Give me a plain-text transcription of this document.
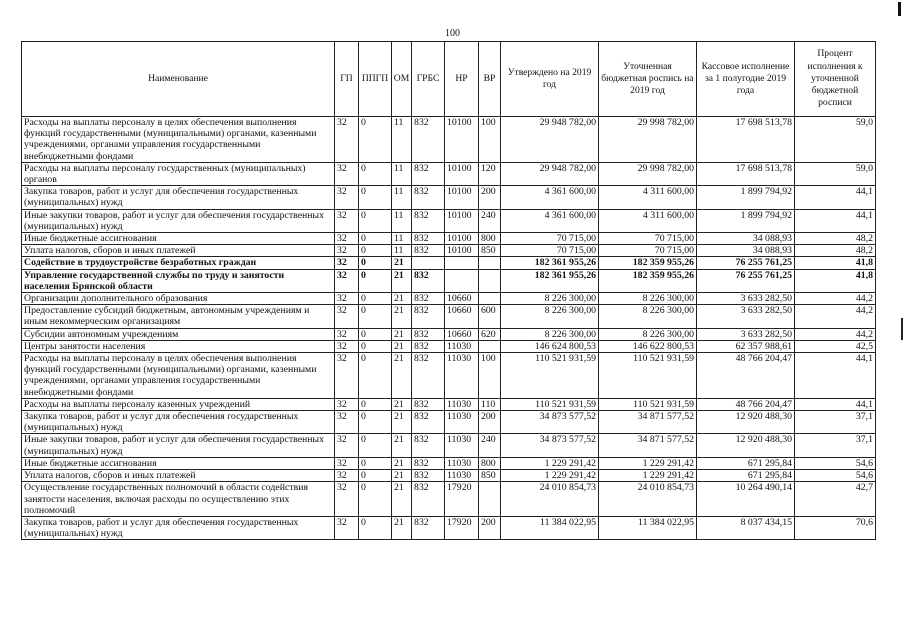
100
Наименование	ГП	ППГП	ОМ	ГРБС	НР	ВР	Утверждено на 2019 год	Уточненная бюджетная роспись на 2019 год	Кассовое исполнение за 1 полугодие 2019 года	Процент исполнения к уточненной бюджетной росписи
Расходы на выплаты персоналу в целях обеспечения выполнения функций государственными (муниципальными) органами, казенными учреждениями, органами управления государственными внебюджетными фондами	32	0	11	832	10100	100	29 948 782,00	29 998 782,00	17 698 513,78	59,0
Расходы на выплаты персоналу государственных (муниципальных) органов	32	0	11	832	10100	120	29 948 782,00	29 998 782,00	17 698 513,78	59,0
Закупка товаров, работ и услуг для обеспечения государственных (муниципальных) нужд	32	0	11	832	10100	200	4 361 600,00	4 311 600,00	1 899 794,92	44,1
Иные закупки товаров, работ и услуг для обеспечения государственных (муниципальных) нужд	32	0	11	832	10100	240	4 361 600,00	4 311 600,00	1 899 794,92	44,1
Иные бюджетные ассигнования	32	0	11	832	10100	800	70 715,00	70 715,00	34 088,93	48,2
Уплата налогов, сборов и иных платежей	32	0	11	832	10100	850	70 715,00	70 715,00	34 088,93	48,2
Содействие в трудоустройстве безработных граждан	32	0	21				182 361 955,26	182 359 955,26	76 255 761,25	41,8
Управление государственной службы по труду и занятости населения Брянской области	32	0	21	832			182 361 955,26	182 359 955,26	76 255 761,25	41,8
Организации дополнительного образования	32	0	21	832	10660		8 226 300,00	8 226 300,00	3 633 282,50	44,2
Предоставление субсидий бюджетным, автономным учреждениям и иным некоммерческим организациям	32	0	21	832	10660	600	8 226 300,00	8 226 300,00	3 633 282,50	44,2
Субсидии автономным учреждениям	32	0	21	832	10660	620	8 226 300,00	8 226 300,00	3 633 282,50	44,2
Центры занятости населения	32	0	21	832	11030		146 624 800,53	146 622 800,53	62 357 988,61	42,5
Расходы на выплаты персоналу в целях обеспечения выполнения функций государственными (муниципальными) органами, казенными учреждениями, органами управления государственными внебюджетными фондами	32	0	21	832	11030	100	110 521 931,59	110 521 931,59	48 766 204,47	44,1
Расходы на выплаты персоналу казенных учреждений	32	0	21	832	11030	110	110 521 931,59	110 521 931,59	48 766 204,47	44,1
Закупка товаров, работ и услуг для обеспечения государственных (муниципальных) нужд	32	0	21	832	11030	200	34 873 577,52	34 871 577,52	12 920 488,30	37,1
Иные закупки товаров, работ и услуг для обеспечения государственных (муниципальных) нужд	32	0	21	832	11030	240	34 873 577,52	34 871 577,52	12 920 488,30	37,1
Иные бюджетные ассигнования	32	0	21	832	11030	800	1 229 291,42	1 229 291,42	671 295,84	54,6
Уплата налогов, сборов и иных платежей	32	0	21	832	11030	850	1 229 291,42	1 229 291,42	671 295,84	54,6
Осуществление государственных полномочий в области содействия занятости населения, включая расходы по осуществлению этих полномочий	32	0	21	832	17920		24 010 854,73	24 010 854,73	10 264 490,14	42,7
Закупка товаров, работ и услуг для обеспечения государственных (муниципальных) нужд	32	0	21	832	17920	200	11 384 022,95	11 384 022,95	8 037 434,15	70,6
